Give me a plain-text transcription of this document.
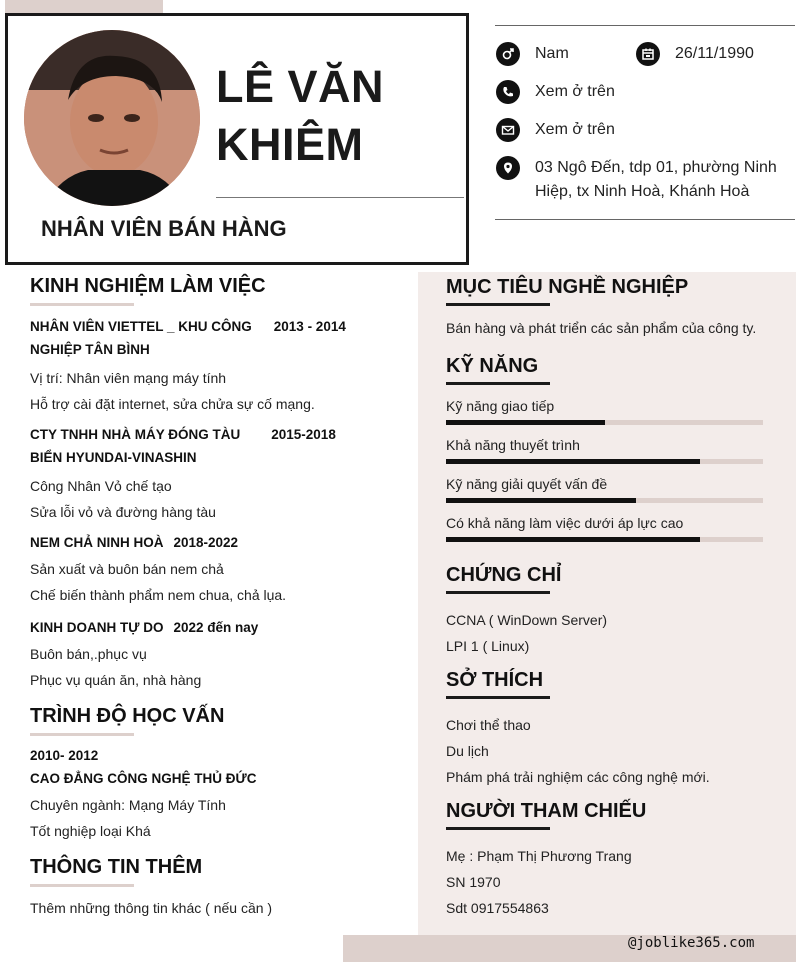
LÊ VĂN
KHIÊM
NHÂN VIÊN BÁN HÀNG
Nam	26/11/1990
Xem ở trên
Xem ở trên
03 Ngô Đến, tdp 01, phường Ninh
Hiệp, tx Ninh Hoà, Khánh Hoà
KINH NGHIỆM LÀM VIỆC
NHÂN VIÊN VIETTEL _ KHU CÔNG 2013 - 2014
NGHIỆP TÂN BÌNH
Vị trí: Nhân viên mạng máy tính
Hỗ trợ cài đặt internet, sửa chửa sự cố mạng.
CTY TNHH NHÀ MÁY ĐÓNG TÀU 2015-2018
BIỂN HYUNDAI-VINASHIN
Công Nhân Vỏ chế tạo
Sửa lỗi vỏ và đường hàng tàu
NEM CHẢ NINH HOÀ 2018-2022
Sản xuất và buôn bán nem chả
Chế biến thành phẩm nem chua, chả lụa.
KINH DOANH TỰ DO 2022 đến nay
Buôn bán,.phục vụ
Phục vụ quán ăn, nhà hàng
TRÌNH ĐỘ HỌC VẤN
2010- 2012
CAO ĐẲNG CÔNG NGHỆ THỦ ĐỨC
Chuyên ngành: Mạng Máy Tính
Tốt nghiệp loại Khá
THÔNG TIN THÊM
Thêm những thông tin khác ( nếu cần )
MỤC TIÊU NGHỀ NGHIỆP
Bán hàng và phát triển các sản phẩm của công ty.
KỸ NĂNG
Kỹ năng giao tiếp
Khả năng thuyết trình
Kỹ năng giải quyết vấn đề
Có khả năng làm việc dưới áp lực cao
CHỨNG CHỈ
CCNA ( WinDown Server)
LPI 1 ( Linux)
SỞ THÍCH
Chơi thể thao
Du lịch
Phám phá trải nghiệm các công nghệ mới.
NGƯỜI THAM CHIẾU
Mẹ : Phạm Thị Phương Trang
SN 1970
Sdt 0917554863
@joblike365.com
